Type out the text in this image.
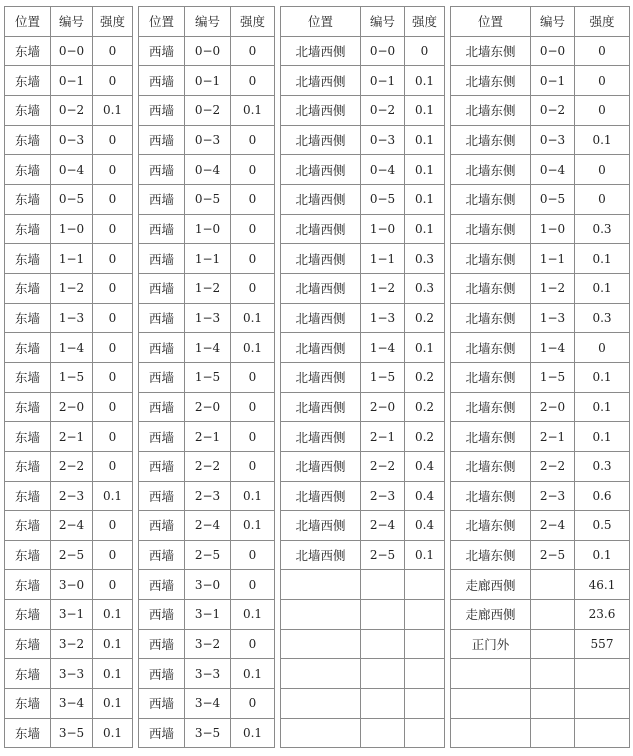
位置	编号	强度		位置	编号	强度		位置	编号	强度		位置	编号	强度
东墙	0−0	0		西墙	0−0	0		北墙西侧	0−0	0		北墙东侧	0−0	0
东墙	0−1	0		西墙	0−1	0		北墙西侧	0−1	0.1		北墙东侧	0−1	0
东墙	0−2	0.1		西墙	0−2	0.1		北墙西侧	0−2	0.1		北墙东侧	0−2	0
东墙	0−3	0		西墙	0−3	0		北墙西侧	0−3	0.1		北墙东侧	0−3	0.1
东墙	0−4	0		西墙	0−4	0		北墙西侧	0−4	0.1		北墙东侧	0−4	0
东墙	0−5	0		西墙	0−5	0		北墙西侧	0−5	0.1		北墙东侧	0−5	0
东墙	1−0	0		西墙	1−0	0		北墙西侧	1−0	0.1		北墙东侧	1−0	0.3
东墙	1−1	0		西墙	1−1	0		北墙西侧	1−1	0.3		北墙东侧	1−1	0.1
东墙	1−2	0		西墙	1−2	0		北墙西侧	1−2	0.3		北墙东侧	1−2	0.1
东墙	1−3	0		西墙	1−3	0.1		北墙西侧	1−3	0.2		北墙东侧	1−3	0.3
东墙	1−4	0		西墙	1−4	0.1		北墙西侧	1−4	0.1		北墙东侧	1−4	0
东墙	1−5	0		西墙	1−5	0		北墙西侧	1−5	0.2		北墙东侧	1−5	0.1
东墙	2−0	0		西墙	2−0	0		北墙西侧	2−0	0.2		北墙东侧	2−0	0.1
东墙	2−1	0		西墙	2−1	0		北墙西侧	2−1	0.2		北墙东侧	2−1	0.1
东墙	2−2	0		西墙	2−2	0		北墙西侧	2−2	0.4		北墙东侧	2−2	0.3
东墙	2−3	0.1		西墙	2−3	0.1		北墙西侧	2−3	0.4		北墙东侧	2−3	0.6
东墙	2−4	0		西墙	2−4	0.1		北墙西侧	2−4	0.4		北墙东侧	2−4	0.5
东墙	2−5	0		西墙	2−5	0		北墙西侧	2−5	0.1		北墙东侧	2−5	0.1
东墙	3−0	0		西墙	3−0	0						走廊西侧		46.1
东墙	3−1	0.1		西墙	3−1	0.1						走廊西侧		23.6
东墙	3−2	0.1		西墙	3−2	0						正门外		557
东墙	3−3	0.1		西墙	3−3	0.1								
东墙	3−4	0.1		西墙	3−4	0								
东墙	3−5	0.1		西墙	3−5	0.1								
